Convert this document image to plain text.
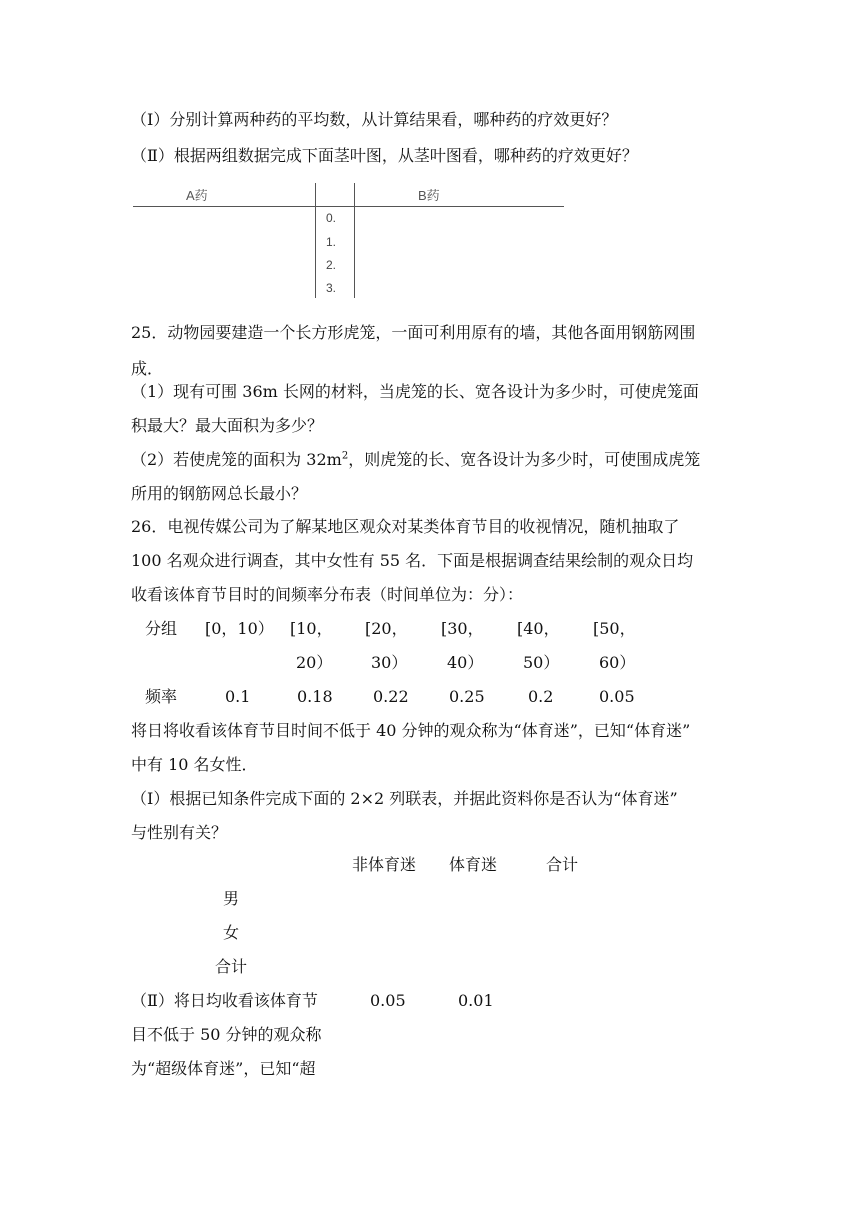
（Ⅰ）分别计算两种药的平均数，从计算结果看，哪种药的疗效更好？
（Ⅱ）根据两组数据完成下面茎叶图，从茎叶图看，哪种药的疗效更好？
A药	B药
0.
1.
2.
3.
25．动物园要建造一个长方形虎笼，一面可利用原有的墙，其他各面用钢筋网围
成．
（1）现有可围 36m 长网的材料，当虎笼的长、宽各设计为多少时，可使虎笼面
积最大？最大面积为多少？
（2）若使虎笼的面积为 $32m^2$，则虎笼的长、宽各设计为多少时，可使围成虎笼
所用的钢筋网总长最小？
26．电视传媒公司为了解某地区观众对某类体育节目的收视情况，随机抽取了
100 名观众进行调查，其中女性有 55 名．下面是根据调查结果绘制的观众日均
收看该体育节目时的间频率分布表（时间单位为：分）：
分组 [0，10） [10， [20， [30， [40， [50，
20） 30） 40） 50） 60）
频率	0.1	0.18	0.22	0.25	0.2	0.05
将日将收看该体育节目时间不低于 40 分钟的观众称为“体育迷”，已知“体育迷”
中有 10 名女性．
（Ⅰ）根据已知条件完成下面的 2×2 列联表，并据此资料你是否认为“体育迷”
与性别有关？
非体育迷 体育迷	合计
男
女
合计
（Ⅱ）将日均收看该体育节
目不低于 50 分钟的观众称
为“超级体育迷”，已知“超
0.05	0.01
